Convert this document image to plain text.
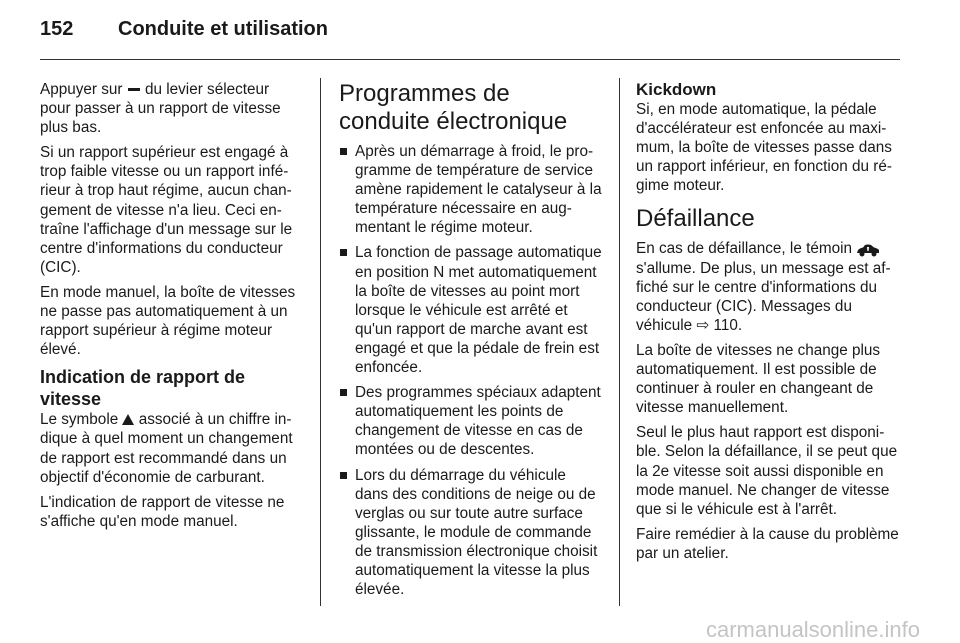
152 Conduite et utilisation

Appuyer sur  du levier sélecteur pour passer à un rapport de vitesse plus bas.

Si un rapport supérieur est engagé à trop faible vitesse ou un rapport inférieur à trop haut régime, aucun changement de vitesse n'a lieu. Ceci entraîne l'affichage d'un message sur le centre d'informations du conducteur (CIC).

En mode manuel, la boîte de vitesses ne passe pas automatiquement à un rapport supérieur à régime moteur élevé.

Indication de rapport de vitesse

Le symbole  associé à un chiffre indique à quel moment un changement de rapport est recommandé dans un objectif d'économie de carburant.

L'indication de rapport de vitesse ne s'affiche qu'en mode manuel.

Programmes de conduite électronique
Après un démarrage à froid, le programme de température de service amène rapidement le catalyseur à la température nécessaire en augmentant le régime moteur.
La fonction de passage automatique en position N met automatiquement la boîte de vitesses au point mort lorsque le véhicule est arrêté et qu'un rapport de marche avant est engagé et que la pédale de frein est enfoncée.
Des programmes spéciaux adaptent automatiquement les points de changement de vitesse en cas de montées ou de descentes.
Lors du démarrage du véhicule dans des conditions de neige ou de verglas ou sur toute autre surface glissante, le module de commande de transmission électronique choisit automatiquement la vitesse la plus élevée.
Kickdown

Si, en mode automatique, la pédale d'accélérateur est enfoncée au maximum, la boîte de vitesses passe dans un rapport inférieur, en fonction du régime moteur.

Défaillance

En cas de défaillance, le témoin  s'allume. De plus, un message est affiché sur le centre d'informations du conducteur (CIC). Messages du véhicule ⇨ 110.

La boîte de vitesses ne change plus automatiquement. Il est possible de continuer à rouler en changeant de vitesse manuellement.

Seul le plus haut rapport est disponible. Selon la défaillance, il se peut que la 2e vitesse soit aussi disponible en mode manuel. Ne changer de vitesse que si le véhicule est à l'arrêt.

Faire remédier à la cause du problème par un atelier.

carmanualsonline.info
